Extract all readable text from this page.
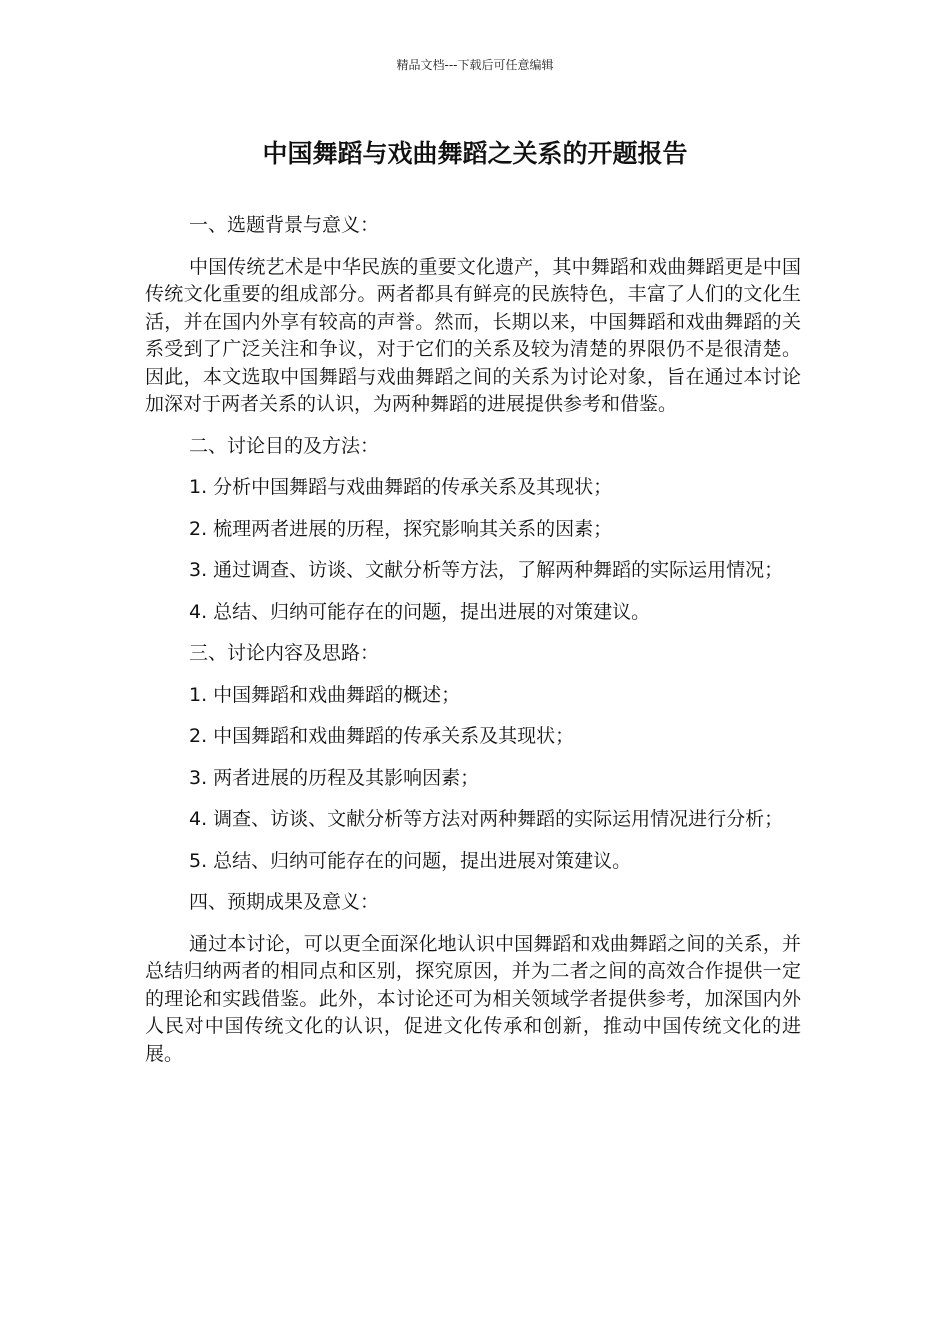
精品文档---下载后可任意编辑
中国舞蹈与戏曲舞蹈之关系的开题报告

一、选题背景与意义：

中国传统艺术是中华民族的重要文化遗产，其中舞蹈和戏曲舞蹈更是中国传统文化重要的组成部分。两者都具有鲜亮的民族特色，丰富了人们的文化生活，并在国内外享有较高的声誉。然而，长期以来，中国舞蹈和戏曲舞蹈的关系受到了广泛关注和争议，对于它们的关系及较为清楚的界限仍不是很清楚。因此，本文选取中国舞蹈与戏曲舞蹈之间的关系为讨论对象，旨在通过本讨论加深对于两者关系的认识，为两种舞蹈的进展提供参考和借鉴。

二、讨论目的及方法：

1. 分析中国舞蹈与戏曲舞蹈的传承关系及其现状；

2. 梳理两者进展的历程，探究影响其关系的因素；

3. 通过调查、访谈、文献分析等方法，了解两种舞蹈的实际运用情况；

4. 总结、归纳可能存在的问题，提出进展的对策建议。

三、讨论内容及思路：

1. 中国舞蹈和戏曲舞蹈的概述；

2. 中国舞蹈和戏曲舞蹈的传承关系及其现状；

3. 两者进展的历程及其影响因素；

4. 调查、访谈、文献分析等方法对两种舞蹈的实际运用情况进行分析；

5. 总结、归纳可能存在的问题，提出进展对策建议。

四、预期成果及意义：

通过本讨论，可以更全面深化地认识中国舞蹈和戏曲舞蹈之间的关系，并总结归纳两者的相同点和区别，探究原因，并为二者之间的高效合作提供一定的理论和实践借鉴。此外，本讨论还可为相关领域学者提供参考，加深国内外人民对中国传统文化的认识，促进文化传承和创新，推动中国传统文化的进展。
